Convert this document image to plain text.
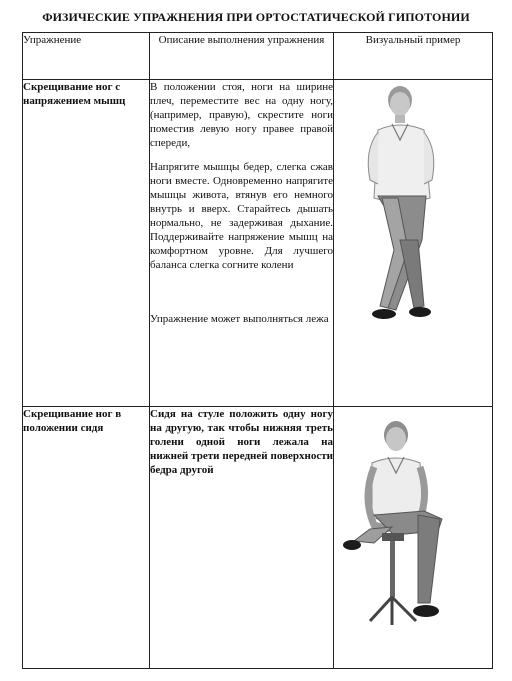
ФИЗИЧЕСКИЕ УПРАЖНЕНИЯ ПРИ ОРТОСТАТИЧЕСКОЙ ГИПОТОНИИ
Упражнение	Описание выполнения упражнения	Визуальный пример
Скрещивание ног с напряжением мышц	В положении стоя, ноги на ширине плеч, переместите вес на одну ногу, (например, правую), скрестите ноги поместив левую ногу правее правой спереди,

Напрягите мышцы бедер, слегка сжав ноги вместе. Одновременно напрягите мышцы живота, втянув его немного внутрь и вверх. Старайтесь дышать нормально, не задерживая дыхание. Поддерживайте напряжение мышц на комфортном уровне. Для лучшего баланса слегка согните колени

Упражнение может выполняться лежа

Скрещивание ног в положении сидя	Сидя на стуле положить одну ногу на другую, так чтобы нижняя треть голени одной ноги лежала на нижней трети передней поверхности бедра другой
